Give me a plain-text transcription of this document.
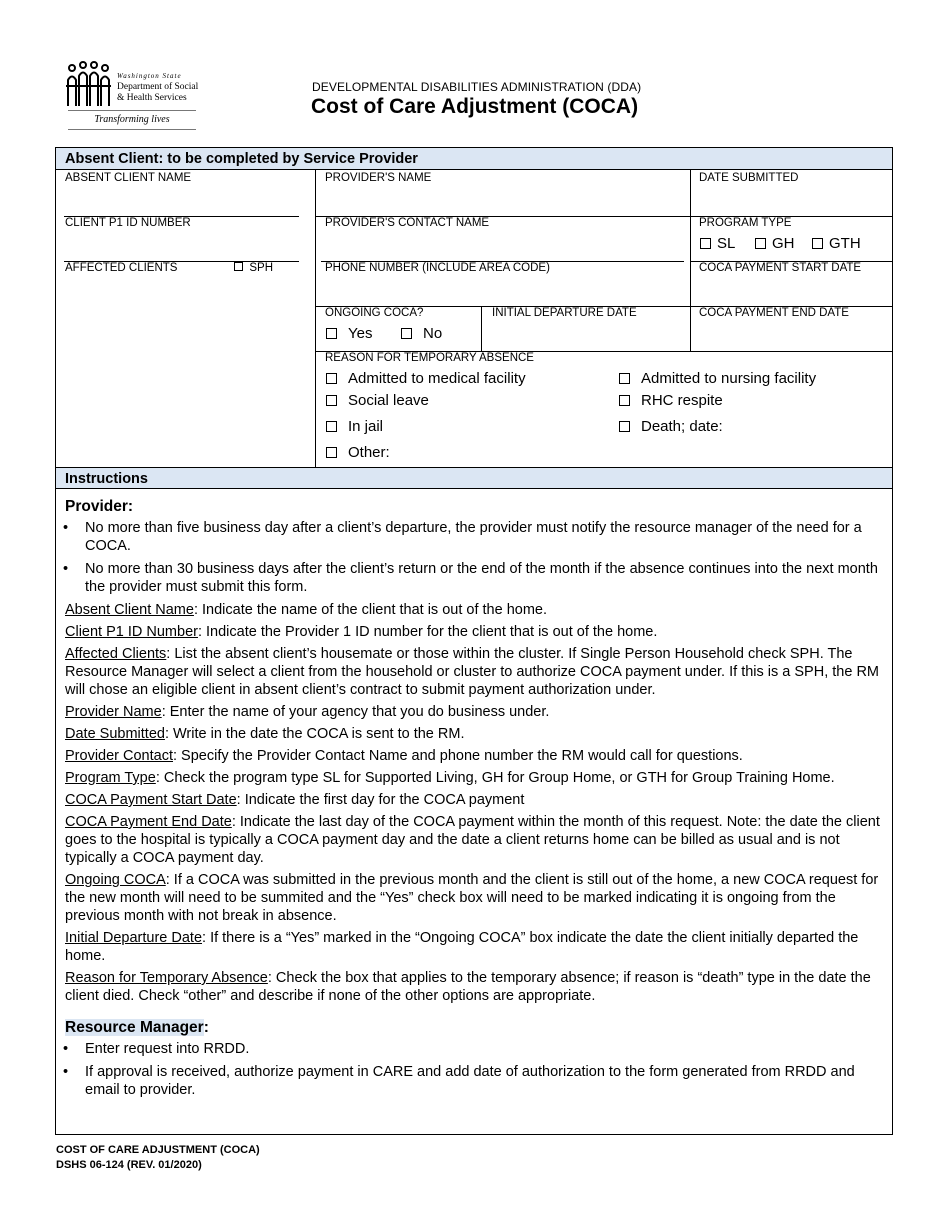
Washington State
Department of Social & Health Services
Transforming lives
DEVELOPMENTAL DISABILITIES ADMINISTRATION (DDA)
Cost of Care Adjustment (COCA)
Absent Client: to be completed by Service Provider
ABSENT CLIENT NAME
CLIENT P1 ID NUMBER
AFFECTED CLIENTS	SPH
PROVIDER'S NAME
PROVIDER'S CONTACT NAME
PHONE NUMBER (INCLUDE AREA CODE)
ONGOING COCA?
Yes	No
INITIAL DEPARTURE DATE
DATE SUBMITTED
PROGRAM TYPE
SL	GH	GTH
COCA PAYMENT START DATE
COCA PAYMENT END DATE
REASON FOR TEMPORARY ABSENCE
Admitted to medical facility
Social leave
In jail
Other:
Admitted to nursing facility
RHC respite
Death; date:
Instructions
Provider:
• No more than five business day after a client’s departure, the provider must notify the resource manager of the need for a COCA.
• No more than 30 business days after the client’s return or the end of the month if the absence continues into the next month the provider must submit this form.

Absent Client Name: Indicate the name of the client that is out of the home.

Client P1 ID Number: Indicate the Provider 1 ID number for the client that is out of the home.

Affected Clients: List the absent client’s housemate or those within the cluster. If Single Person Household check SPH. The Resource Manager will select a client from the household or cluster to authorize COCA payment under. If this is a SPH, the RM will chose an eligible client in absent client’s contract to submit payment authorization under.

Provider Name: Enter the name of your agency that you do business under.

Date Submitted: Write in the date the COCA is sent to the RM.

Provider Contact: Specify the Provider Contact Name and phone number the RM would call for questions.

Program Type: Check the program type SL for Supported Living, GH for Group Home, or GTH for Group Training Home.

COCA Payment Start Date: Indicate the first day for the COCA payment

COCA Payment End Date: Indicate the last day of the COCA payment within the month of this request. Note: the date the client goes to the hospital is typically a COCA payment day and the date a client returns home can be billed as usual and is not typically a COCA payment day.

Ongoing COCA: If a COCA was submitted in the previous month and the client is still out of the home, a new COCA request for the new month will need to be summited and the “Yes” check box will need to be marked indicating it is ongoing from the previous month with not break in absence.

Initial Departure Date: If there is a “Yes” marked in the “Ongoing COCA” box indicate the date the client initially departed the home.

Reason for Temporary Absence: Check the box that applies to the temporary absence; if reason is “death” type in the date the client died. Check “other” and describe if none of the other options are appropriate.

Resource Manager:
• Enter request into RRDD.
• If approval is received, authorize payment in CARE and add date of authorization to the form generated from RRDD and email to provider.
COST OF CARE ADJUSTMENT (COCA)
DSHS 06-124 (REV. 01/2020)
